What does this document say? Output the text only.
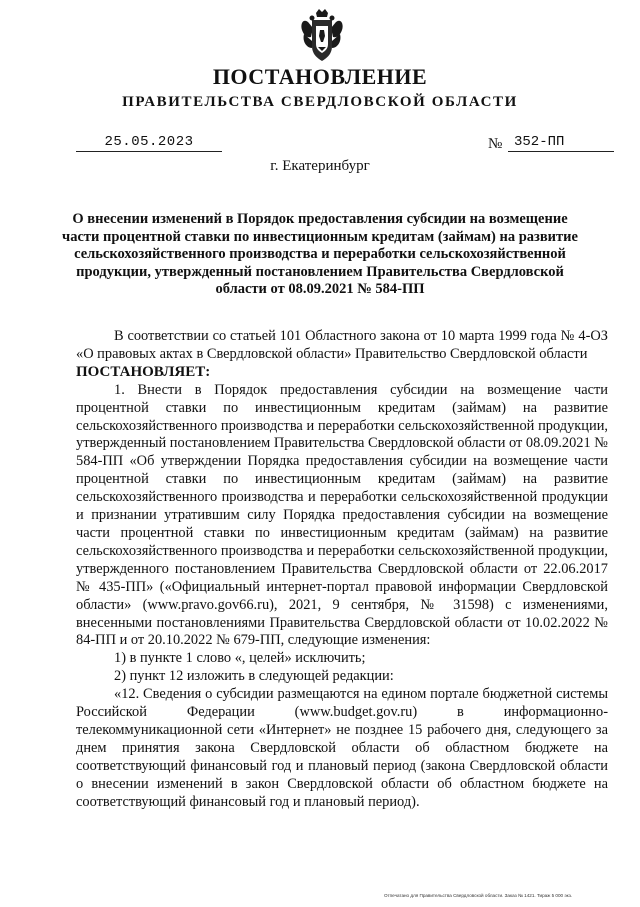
ПОСТАНОВЛЕНИЕ
ПРАВИТЕЛЬСТВА СВЕРДЛОВСКОЙ ОБЛАСТИ
25.05.2023	№ 352-ПП
г. Екатеринбург
О внесении изменений в Порядок предоставления субсидии на возмещение части процентной ставки по инвестиционным кредитам (займам) на развитие сельскохозяйственного производства и переработки сельскохозяйственной продукции, утвержденный постановлением Правительства Свердловской области от 08.09.2021 № 584-ПП

В соответствии со статьей 101 Областного закона от 10 марта 1999 года № 4-ОЗ «О правовых актах в Свердловской области» Правительство Свердловской области

ПОСТАНОВЛЯЕТ:

1. Внести в Порядок предоставления субсидии на возмещение части процентной ставки по инвестиционным кредитам (займам) на развитие сельскохозяйственного производства и переработки сельскохозяйственной продукции, утвержденный постановлением Правительства Свердловской области от 08.09.2021 № 584-ПП «Об утверждении Порядка предоставления субсидии на возмещение части процентной ставки по инвестиционным кредитам (займам) на развитие сельскохозяйственного производства и переработки сельскохозяйственной продукции и признании утратившим силу Порядка предоставления субсидии на возмещение части процентной ставки по инвестиционным кредитам (займам) на развитие сельскохозяйственного производства и переработки сельскохозяйственной продукции, утвержденного постановлением Правительства Свердловской области от 22.06.2017 № 435-ПП» («Официальный интернет-портал правовой информации Свердловской области» (www.pravo.gov66.ru), 2021, 9 сентября, № 31598) с изменениями, внесенными постановлениями Правительства Свердловской области от 10.02.2022 № 84-ПП и от 20.10.2022 № 679-ПП, следующие изменения:

1) в пункте 1 слово «, целей» исключить;

2) пункт 12 изложить в следующей редакции:

«12. Сведения о субсидии размещаются на едином портале бюджетной системы Российской Федерации (www.budget.gov.ru) в информационно-телекоммуникационной сети «Интернет» не позднее 15 рабочего дня, следующего за днем принятия закона Свердловской области об областном бюджете на соответствующий финансовый год и плановый период (закона Свердловской области о внесении изменений в закон Свердловской области об областном бюджете на соответствующий финансовый год и плановый период).

Отпечатано для Правительства Свердловской области. Заказ № 1421. Тираж 5 000 экз.
